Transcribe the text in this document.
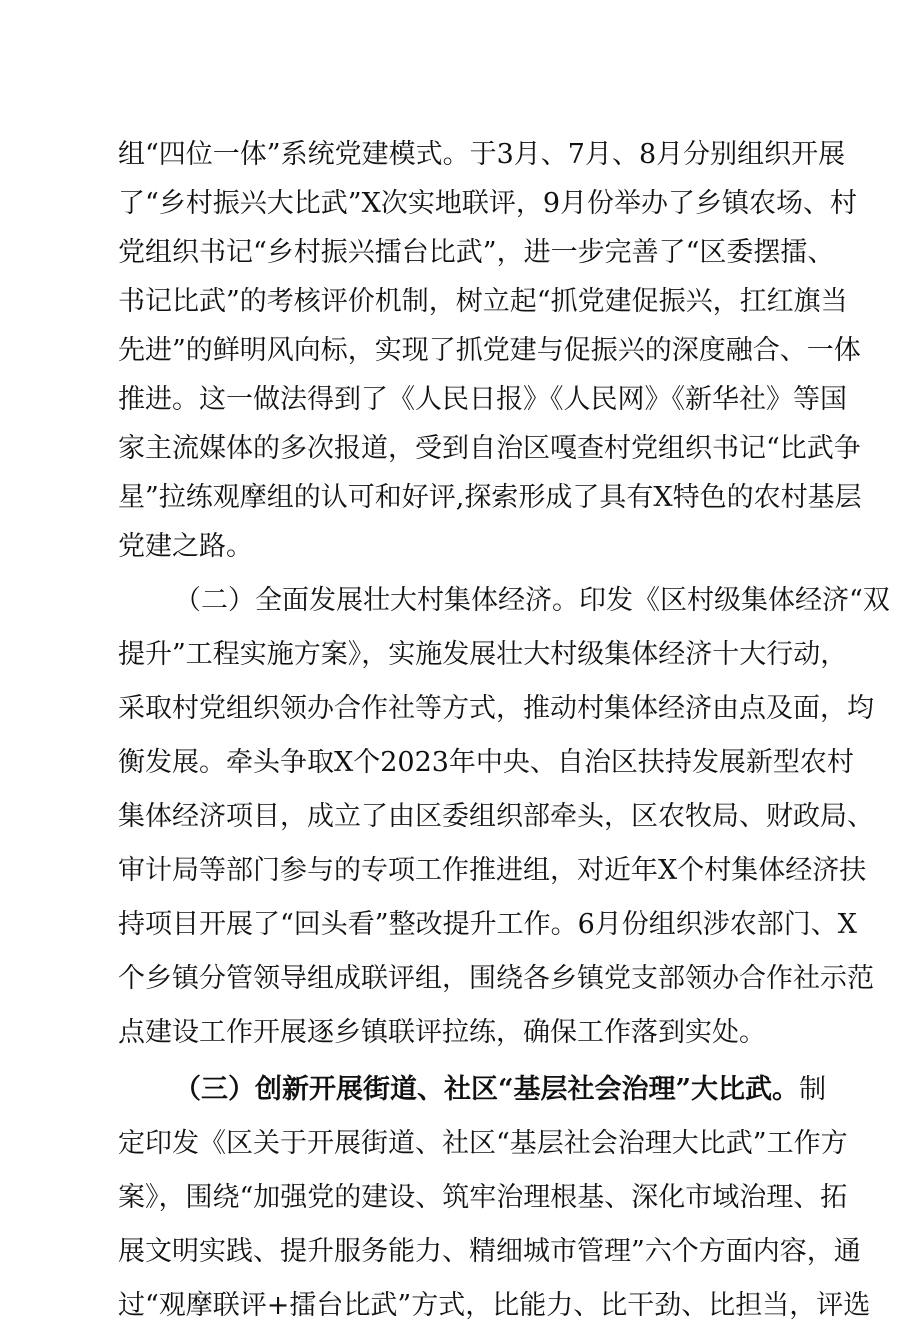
组“四位一体”系统党建模式。于3月、7月、8月分别组织开展
了“乡村振兴大比武”X次实地联评，9月份举办了乡镇农场、村
党组织书记“乡村振兴擂台比武”，进一步完善了“区委摆擂、
书记比武”的考核评价机制，树立起“抓党建促振兴，扛红旗当
先进”的鲜明风向标，实现了抓党建与促振兴的深度融合、一体
推进。这一做法得到了《人民日报》《人民网》《新华社》等国
家主流媒体的多次报道，受到自治区嘎查村党组织书记“比武争
星”拉练观摩组的认可和好评,探索形成了具有X特色的农村基层
党建之路。
（二）全面发展壮大村集体经济。印发《区村级集体经济“双
提升”工程实施方案》，实施发展壮大村级集体经济十大行动，
采取村党组织领办合作社等方式，推动村集体经济由点及面，均
衡发展。牵头争取X个2023年中央、自治区扶持发展新型农村
集体经济项目，成立了由区委组织部牵头，区农牧局、财政局、
审计局等部门参与的专项工作推进组，对近年X个村集体经济扶
持项目开展了“回头看”整改提升工作。6月份组织涉农部门、X
个乡镇分管领导组成联评组，围绕各乡镇党支部领办合作社示范
点建设工作开展逐乡镇联评拉练，确保工作落到实处。
（三）创新开展街道、社区“基层社会治理”大比武。制
定印发《区关于开展街道、社区“基层社会治理大比武”工作方
案》，围绕“加强党的建设、筑牢治理根基、深化市域治理、拓
展文明实践、提升服务能力、精细城市管理”六个方面内容，通
过“观摩联评+擂台比武”方式，比能力、比干劲、比担当，评选
